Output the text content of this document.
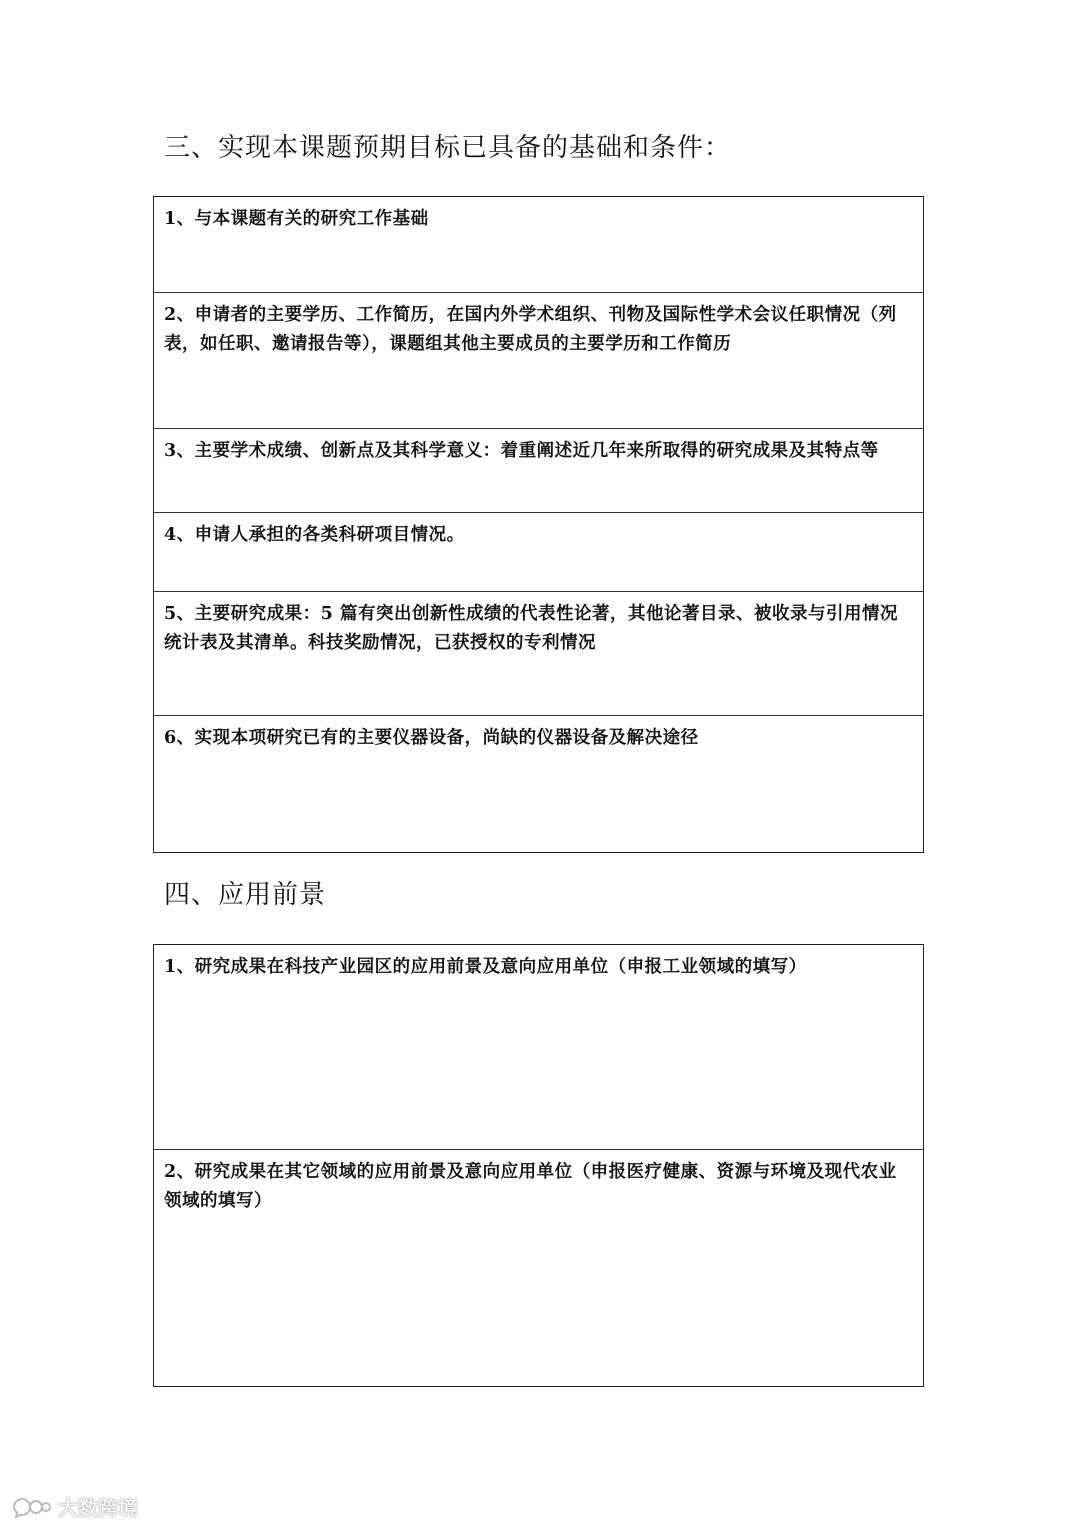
三、实现本课题预期目标已具备的基础和条件：
1、与本课题有关的研究工作基础
2、申请者的主要学历、工作简历，在国内外学术组织、刊物及国际性学术会议任职情况（列表，如任职、邀请报告等），课题组其他主要成员的主要学历和工作简历
3、主要学术成绩、创新点及其科学意义：着重阐述近几年来所取得的研究成果及其特点等
4、申请人承担的各类科研项目情况。
5、主要研究成果：5 篇有突出创新性成绩的代表性论著，其他论著目录、被收录与引用情况统计表及其清单。科技奖励情况，已获授权的专利情况
6、实现本项研究已有的主要仪器设备，尚缺的仪器设备及解决途径
四、应用前景
1、研究成果在科技产业园区的应用前景及意向应用单位（申报工业领域的填写）
2、研究成果在其它领域的应用前景及意向应用单位（申报医疗健康、资源与环境及现代农业领域的填写）
大数跨境
